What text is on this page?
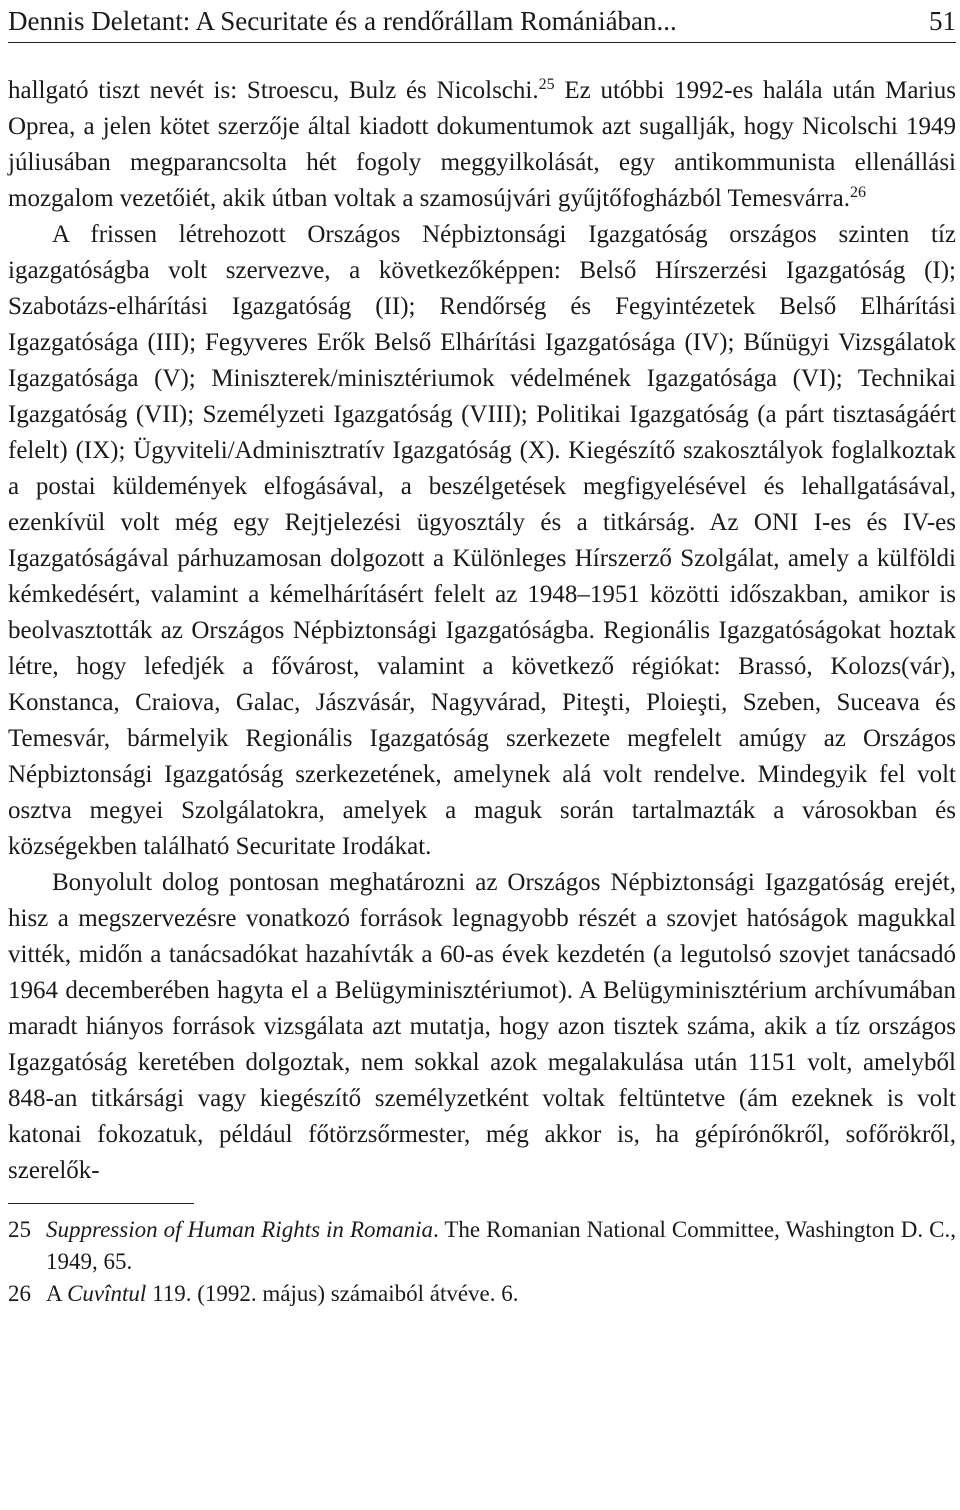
Dennis Deletant: A Securitate és a rendőrállam Romániában...	51

hallgató tiszt nevét is: Stroescu, Bulz és Nicolschi.$^{25}$ Ez utóbbi 1992-es halála után Marius Oprea, a jelen kötet szerzője által kiadott dokumentumok azt sugallják, hogy Nicolschi 1949 júliusában megparancsolta hét fogoly meggyilkolását, egy antikommunista ellenállási mozgalom vezetőiét, akik útban voltak a szamosújvári gyűjtőfogházból Temesvárra.$^{26}$

A frissen létrehozott Országos Népbiztonsági Igazgatóság országos szinten tíz igazgatóságba volt szervezve, a következőképpen: Belső Hírszerzési Igazgatóság (I); Szabotázs-elhárítási Igazgatóság (II); Rendőrség és Fegyintézetek Belső Elhárítási Igazgatósága (III); Fegyveres Erők Belső Elhárítási Igazgatósága (IV); Bűnügyi Vizsgálatok Igazgatósága (V); Miniszterek/minisztériumok védelmének Igazgatósága (VI); Technikai Igazgatóság (VII); Személyzeti Igazgatóság (VIII); Politikai Igazgatóság (a párt tisztaságáért felelt) (IX); Ügyviteli/Adminisztratív Igazgatóság (X). Kiegészítő szakosztályok foglalkoztak a postai küldemények elfogásával, a beszélgetések megfigyelésével és lehallgatásával, ezenkívül volt még egy Rejtjelezési ügyosztály és a titkárság. Az ONI I-es és IV-es Igazgatóságával párhuzamosan dolgozott a Különleges Hírszerző Szolgálat, amely a külföldi kémkedésért, valamint a kémelhárításért felelt az 1948–1951 közötti időszakban, amikor is beolvasztották az Országos Népbiztonsági Igazgatóságba. Regionális Igazgatóságokat hoztak létre, hogy lefedjék a fővárost, valamint a következő régiókat: Brassó, Kolozs(vár), Konstanca, Craiova, Galac, Jászvásár, Nagyvárad, Piteşti, Ploieşti, Szeben, Suceava és Temesvár, bármelyik Regionális Igazgatóság szerkezete megfelelt amúgy az Országos Népbiztonsági Igazgatóság szerkezetének, amelynek alá volt rendelve. Mindegyik fel volt osztva megyei Szolgálatokra, amelyek a maguk során tartalmazták a városokban és községekben található Securitate Irodákat.

Bonyolult dolog pontosan meghatározni az Országos Népbiztonsági Igazgatóság erejét, hisz a megszervezésre vonatkozó források legnagyobb részét a szovjet hatóságok magukkal vitték, midőn a tanácsadókat hazahívták a 60-as évek kezdetén (a legutolsó szovjet tanácsadó 1964 decemberében hagyta el a Belügyminisztériumot). A Belügyminisztérium archívumában maradt hiányos források vizsgálata azt mutatja, hogy azon tisztek száma, akik a tíz országos Igazgatóság keretében dolgoztak, nem sokkal azok megalakulása után 1151 volt, amelyből 848-an titkársági vagy kiegészítő személyzetként voltak feltüntetve (ám ezeknek is volt katonai fokozatuk, például főtörzsőrmester, még akkor is, ha gépírónőkről, sofőrökről, szerelők-

25 Suppression of Human Rights in Romania. The Romanian National Committee, Washington D. C., 1949, 65.
26 A Cuvîntul 119. (1992. május) számaiból átvéve. 6.
